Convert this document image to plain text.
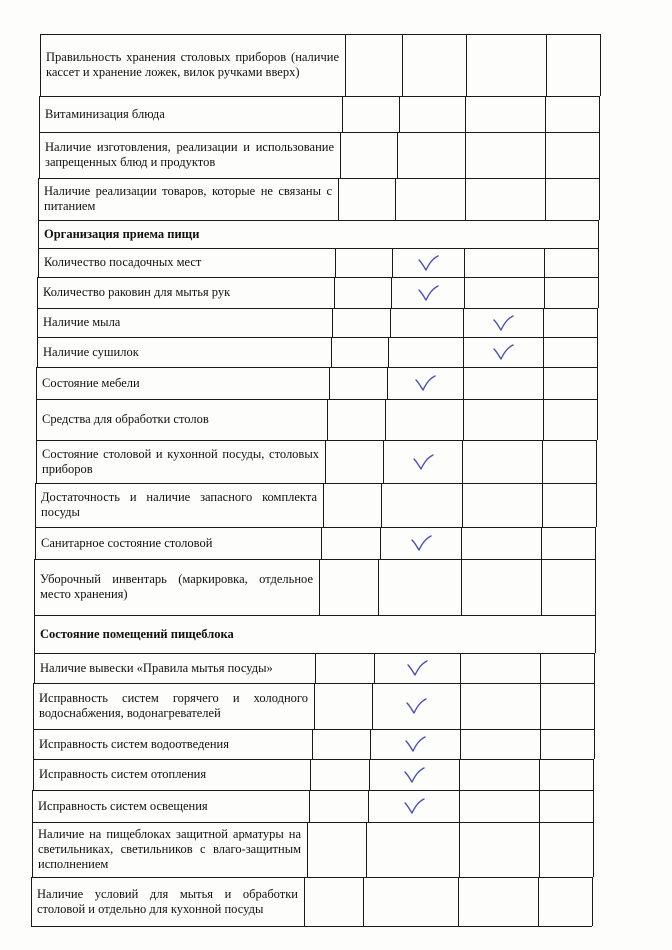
Правильность хранения столовых приборов (наличие кассет и хранение ложек, вилок ручками вверх)
Витаминизация блюда
Наличие изготовления, реализации и использование запрещенных блюд и продуктов
Наличие реализации товаров, которые не связаны с питанием
Организация приема пищи
Количество посадочных мест
Количество раковин для мытья рук
Наличие мыла
Наличие сушилок
Состояние мебели
Средства для обработки столов
Состояние столовой и кухонной посуды, столовых приборов
Достаточность и наличие запасного комплекта посуды
Санитарное состояние столовой
Уборочный инвентарь (маркировка, отдельное место хранения)
Состояние помещений пищеблока
Наличие вывески «Правила мытья посуды»
Исправность систем горячего и холодного водоснабжения, водонагревателей
Исправность систем водоотведения
Исправность систем отопления
Исправность систем освещения
Наличие на пищеблоках защитной арматуры на светильниках, светильников с влаго-защитным исполнением
Наличие условий для мытья и обработки столовой и отдельно для кухонной посуды
